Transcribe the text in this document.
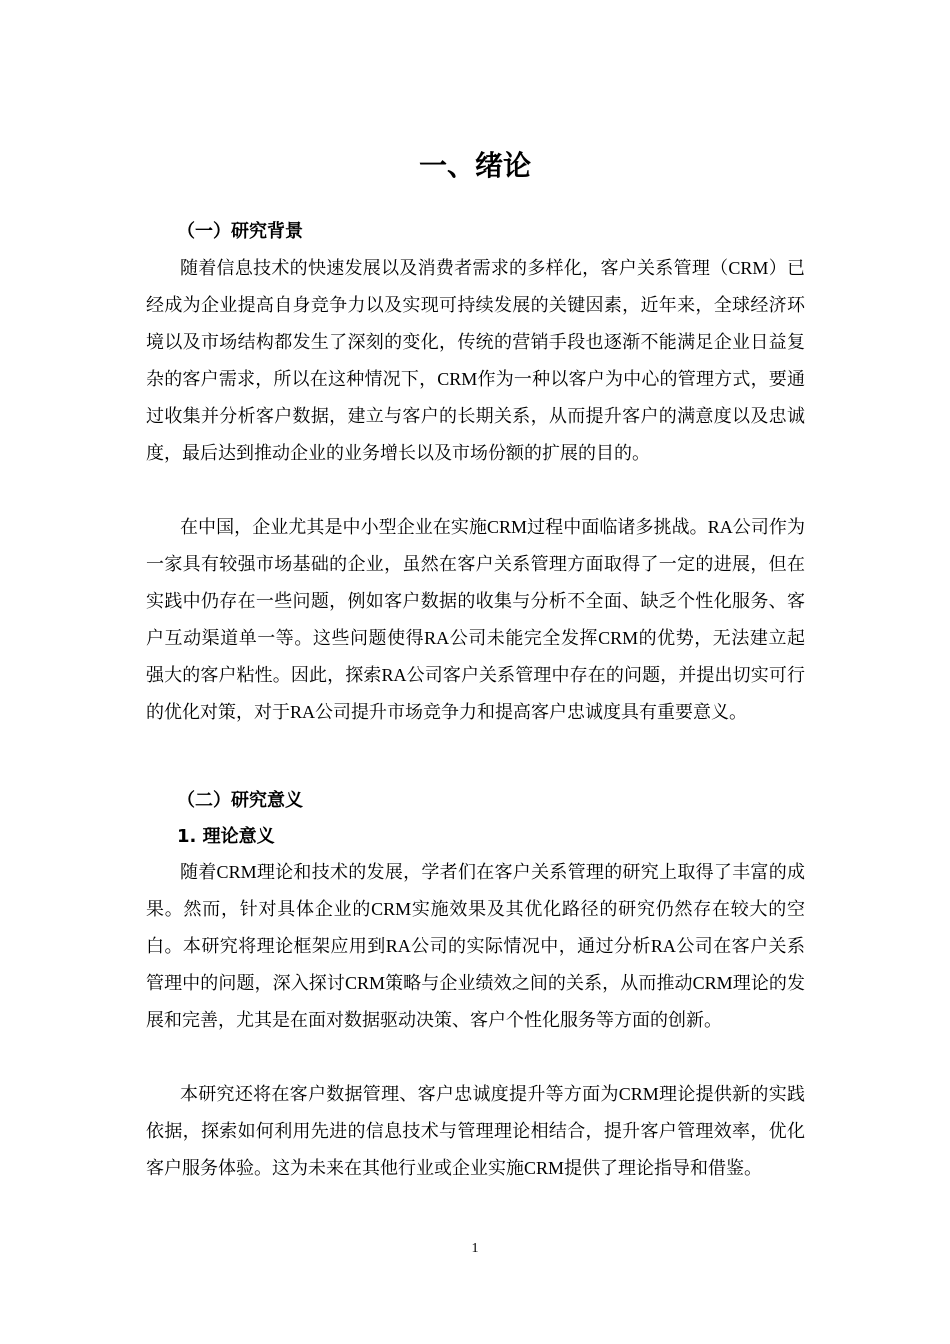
一、绪论
（一）研究背景

随着信息技术的快速发展以及消费者需求的多样化，客户关系管理（CRM）已经成为企业提高自身竞争力以及实现可持续发展的关键因素，近年来，全球经济环境以及市场结构都发生了深刻的变化，传统的营销手段也逐渐不能满足企业日益复杂的客户需求，所以在这种情况下，CRM作为一种以客户为中心的管理方式，要通过收集并分析客户数据，建立与客户的长期关系，从而提升客户的满意度以及忠诚度，最后达到推动企业的业务增长以及市场份额的扩展的目的。

在中国，企业尤其是中小型企业在实施CRM过程中面临诸多挑战。RA公司作为一家具有较强市场基础的企业，虽然在客户关系管理方面取得了一定的进展，但在实践中仍存在一些问题，例如客户数据的收集与分析不全面、缺乏个性化服务、客户互动渠道单一等。这些问题使得RA公司未能完全发挥CRM的优势，无法建立起强大的客户粘性。因此，探索RA公司客户关系管理中存在的问题，并提出切实可行的优化对策，对于RA公司提升市场竞争力和提高客户忠诚度具有重要意义。

（二）研究意义
1. 理论意义

随着CRM理论和技术的发展，学者们在客户关系管理的研究上取得了丰富的成果。然而，针对具体企业的CRM实施效果及其优化路径的研究仍然存在较大的空白。本研究将理论框架应用到RA公司的实际情况中，通过分析RA公司在客户关系管理中的问题，深入探讨CRM策略与企业绩效之间的关系，从而推动CRM理论的发展和完善，尤其是在面对数据驱动决策、客户个性化服务等方面的创新。

本研究还将在客户数据管理、客户忠诚度提升等方面为CRM理论提供新的实践依据，探索如何利用先进的信息技术与管理理论相结合，提升客户管理效率，优化客户服务体验。这为未来在其他行业或企业实施CRM提供了理论指导和借鉴。

1
